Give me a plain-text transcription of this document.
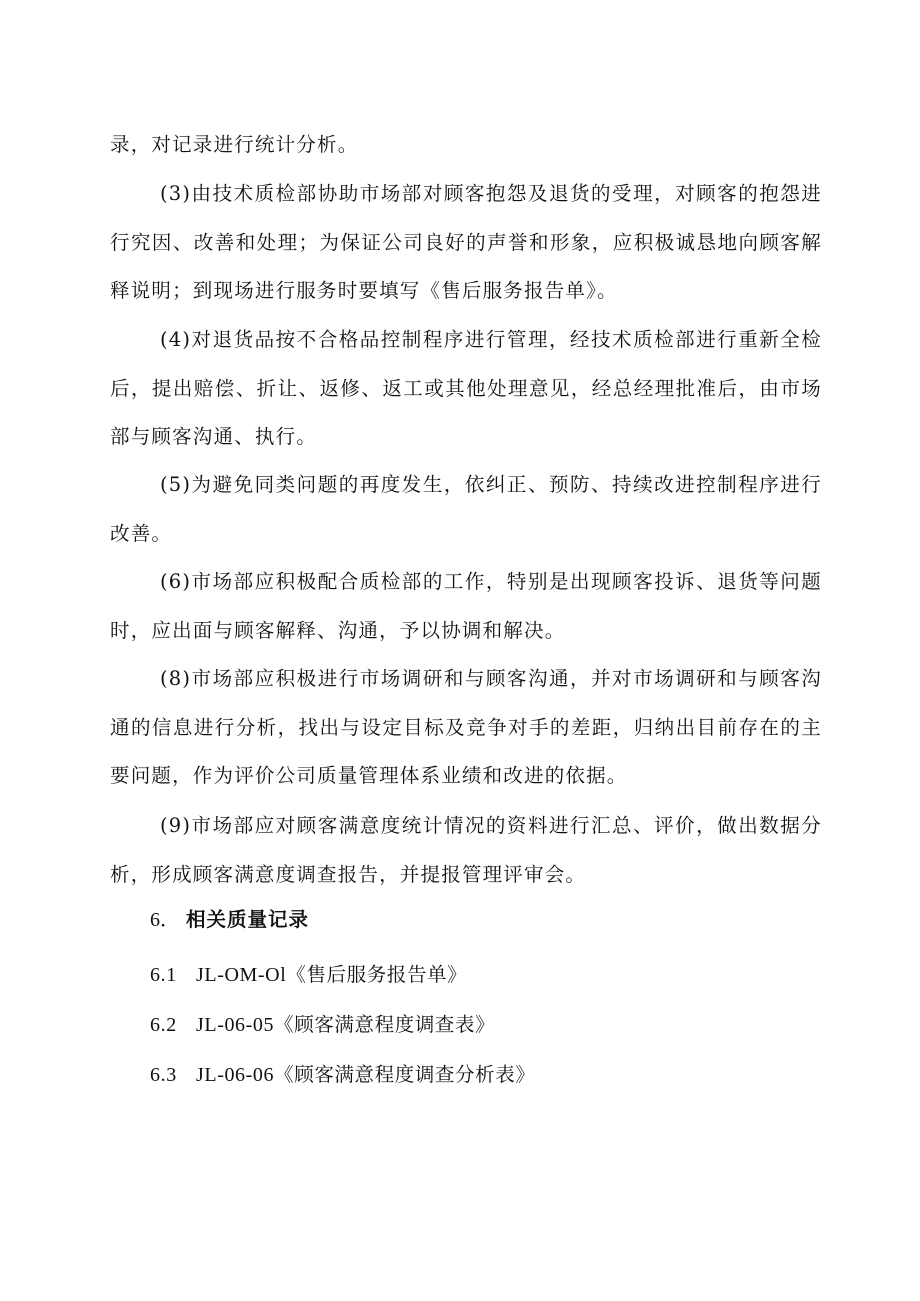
录，对记录进行统计分析。

(3)由技术质检部协助市场部对顾客抱怨及退货的受理，对顾客的抱怨进行究因、改善和处理；为保证公司良好的声誉和形象，应积极诚恳地向顾客解释说明；到现场进行服务时要填写《售后服务报告单》。

(4)对退货品按不合格品控制程序进行管理，经技术质检部进行重新全检后，提出赔偿、折让、返修、返工或其他处理意见，经总经理批准后，由市场部与顾客沟通、执行。

(5)为避免同类问题的再度发生，依纠正、预防、持续改进控制程序进行改善。

(6)市场部应积极配合质检部的工作，特别是出现顾客投诉、退货等问题时，应出面与顾客解释、沟通，予以协调和解决。

(8)市场部应积极进行市场调研和与顾客沟通，并对市场调研和与顾客沟通的信息进行分析，找出与设定目标及竞争对手的差距，归纳出目前存在的主要问题，作为评价公司质量管理体系业绩和改进的依据。

(9)市场部应对顾客满意度统计情况的资料进行汇总、评价，做出数据分析，形成顾客满意度调查报告，并提报管理评审会。

6． 相关质量记录

6.1 JL-OM-Ol《售后服务报告单》

6.2 JL-06-05《顾客满意程度调查表》

6.3 JL-06-06《顾客满意程度调查分析表》
